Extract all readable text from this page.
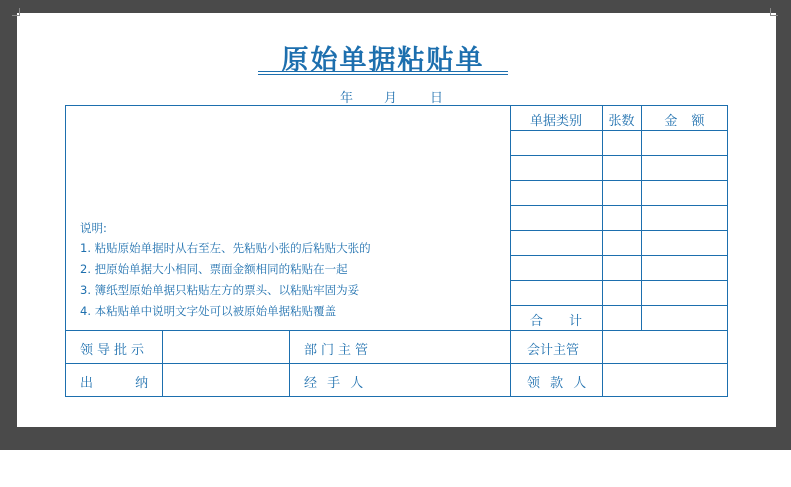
原始单据粘贴单
年 月	日
单据类别	张数	金 额
合 计
说明:
1. 粘贴原始单据时从右至左、先粘贴小张的后粘贴大张的
2. 把原始单据大小相同、票面金额相同的粘贴在一起
3. 簿纸型原始单据只粘贴左方的票头、以粘贴牢固为妥
4. 本粘贴单中说明文字处可以被原始单据粘贴覆盖
领导批示	部门主管	会计主管
出 纳	经 手 人	领 款 人
